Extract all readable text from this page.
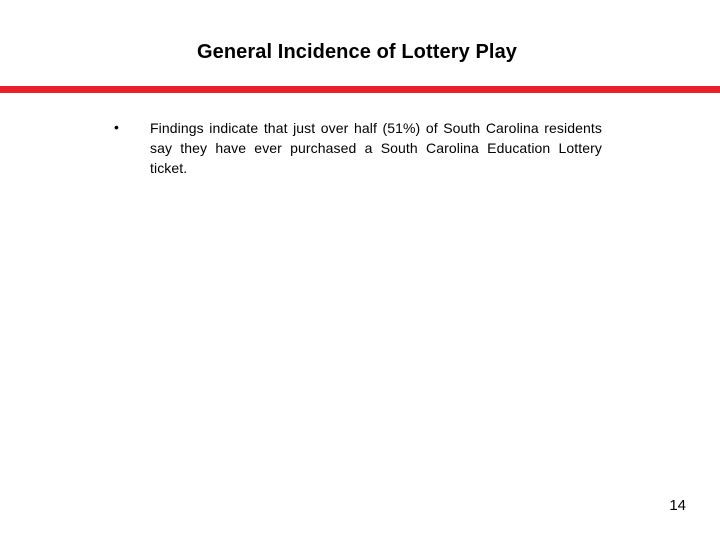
General Incidence of Lottery Play
• Findings indicate that just over half (51%) of South Carolina residents say they have ever purchased a South Carolina Education Lottery ticket.
14
